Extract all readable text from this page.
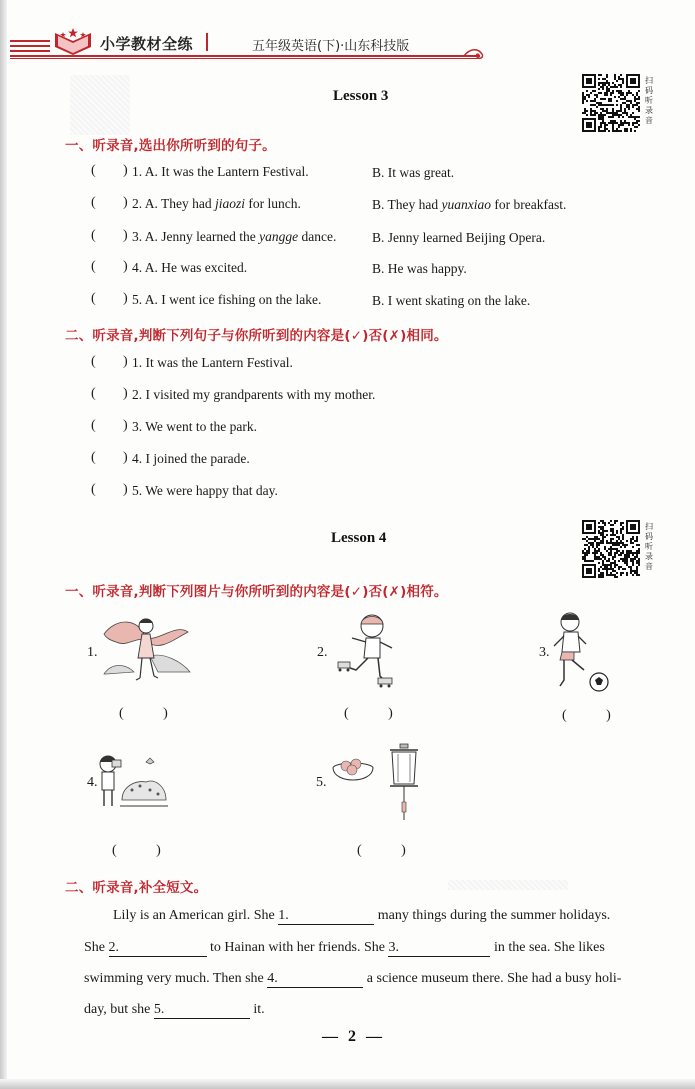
小学教材全练	五年级英语(下)·山东科技版
Lesson 3
扫码听录音
一、听录音,选出你所听到的句子。
( ) 1. A. It was the Lantern Festival.	B. It was great.
( ) 2. A. They had jiaozi for lunch.	B. They had yuanxiao for breakfast.
( ) 3. A. Jenny learned the yangge dance.	B. Jenny learned Beijing Opera.
( ) 4. A. He was excited.	B. He was happy.
( ) 5. A. I went ice fishing on the lake.	B. I went skating on the lake.
二、听录音,判断下列句子与你所听到的内容是(✓)否(✗)相同。
( ) 1. It was the Lantern Festival.
( ) 2. I visited my grandparents with my mother.
( ) 3. We went to the park.
( ) 4. I joined the parade.
( ) 5. We were happy that day.
Lesson 4
扫码听录音
一、听录音,判断下列图片与你所听到的内容是(✓)否(✗)相符。
1.
( )
2.
( )
3.
( )
4.
( )
5.
( )
二、听录音,补全短文。
Lily is an American girl. She 1.	many things during the summer holidays.
She 2.	to Hainan with her friends. She 3.	in the sea. She likes
swimming very much. Then she 4.	a science museum there. She had a busy holi-
day, but she 5.	it.
— 2 —
